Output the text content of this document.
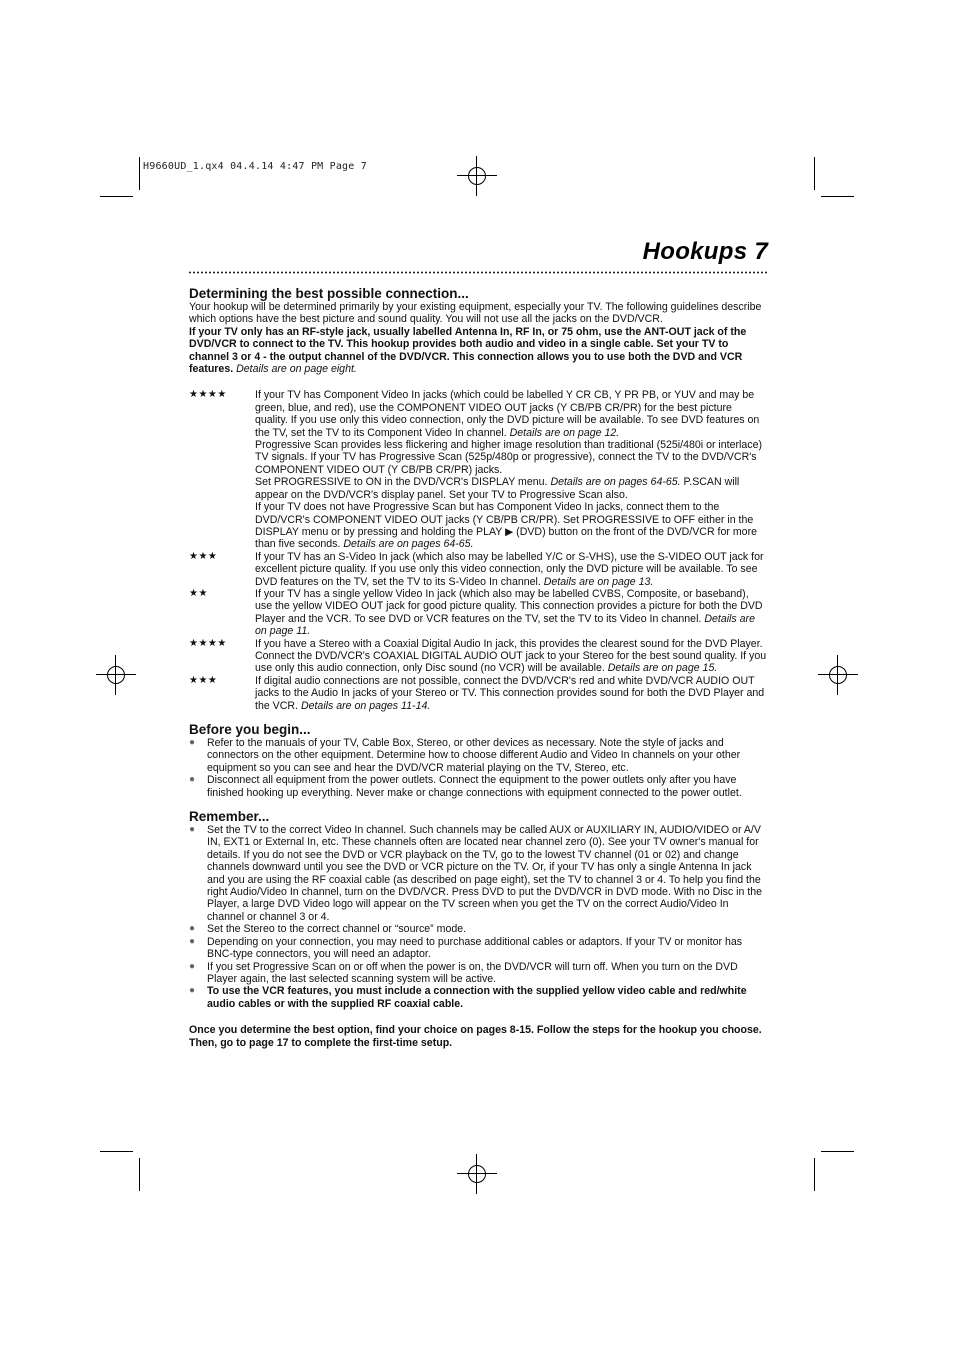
H9660UD_1.qx4 04.4.14 4:47 PM Page 7
Hookups 7
Determining the best possible connection...

Your hookup will be determined primarily by your existing equipment, especially your TV. The following guidelines describe which options have the best picture and sound quality. You will not use all the jacks on the DVD/VCR.

If your TV only has an RF-style jack, usually labelled Antenna In, RF In, or 75 ohm, use the ANT-OUT jack of the DVD/VCR to connect to the TV. This hookup provides both audio and video in a single cable. Set your TV to channel 3 or 4 - the output channel of the DVD/VCR. This connection allows you to use both the DVD and VCR features. Details are on page eight.

★★★★	If your TV has Component Video In jacks (which could be labelled Y CR CB, Y PR PB, or YUV and may be green, blue, and red), use the COMPONENT VIDEO OUT jacks (Y CB/PB CR/PR) for the best picture quality. If you use only this video connection, only the DVD picture will be available. To see DVD features on the TV, set the TV to its Component Video In channel. Details are on page 12.

Progressive Scan provides less flickering and higher image resolution than traditional (525i/480i or interlace) TV signals. If your TV has Progressive Scan (525p/480p or progressive), connect the TV to the DVD/VCR's COMPONENT VIDEO OUT (Y CB/PB CR/PR) jacks.

Set PROGRESSIVE to ON in the DVD/VCR's DISPLAY menu. Details are on pages 64-65. P.SCAN will appear on the DVD/VCR's display panel. Set your TV to Progressive Scan also.

If your TV does not have Progressive Scan but has Component Video In jacks, connect them to the DVD/VCR's COMPONENT VIDEO OUT jacks (Y CB/PB CR/PR). Set PROGRESSIVE to OFF either in the DISPLAY menu or by pressing and holding the PLAY ▶ (DVD) button on the front of the DVD/VCR for more than five seconds. Details are on pages 64-65.

★★★	If your TV has an S-Video In jack (which also may be labelled Y/C or S-VHS), use the S-VIDEO OUT jack for excellent picture quality. If you use only this video connection, only the DVD picture will be available. To see DVD features on the TV, set the TV to its S-Video In channel. Details are on page 13.

★★	If your TV has a single yellow Video In jack (which also may be labelled CVBS, Composite, or baseband), use the yellow VIDEO OUT jack for good picture quality. This connection provides a picture for both the DVD Player and the VCR. To see DVD or VCR features on the TV, set the TV to its Video In channel. Details are on page 11.

★★★★	If you have a Stereo with a Coaxial Digital Audio In jack, this provides the clearest sound for the DVD Player. Connect the DVD/VCR's COAXIAL DIGITAL AUDIO OUT jack to your Stereo for the best sound quality. If you use only this audio connection, only Disc sound (no VCR) will be available. Details are on page 15.

★★★	If digital audio connections are not possible, connect the DVD/VCR's red and white DVD/VCR AUDIO OUT jacks to the Audio In jacks of your Stereo or TV. This connection provides sound for both the DVD Player and the VCR. Details are on pages 11-14.

Before you begin...
●	Refer to the manuals of your TV, Cable Box, Stereo, or other devices as necessary. Note the style of jacks and connectors on the other equipment. Determine how to choose different Audio and Video In channels on your other equipment so you can see and hear the DVD/VCR material playing on the TV, Stereo, etc.

●	Disconnect all equipment from the power outlets. Connect the equipment to the power outlets only after you have finished hooking up everything. Never make or change connections with equipment connected to the power outlet.

Remember...
●	Set the TV to the correct Video In channel. Such channels may be called AUX or AUXILIARY IN, AUDIO/VIDEO or A/V IN, EXT1 or External In, etc. These channels often are located near channel zero (0). See your TV owner's manual for details. If you do not see the DVD or VCR playback on the TV, go to the lowest TV channel (01 or 02) and change channels downward until you see the DVD or VCR picture on the TV. Or, if your TV has only a single Antenna In jack and you are using the RF coaxial cable (as described on page eight), set the TV to channel 3 or 4. To help you find the right Audio/Video In channel, turn on the DVD/VCR. Press DVD to put the DVD/VCR in DVD mode. With no Disc in the Player, a large DVD Video logo will appear on the TV screen when you get the TV on the correct Audio/Video In channel or channel 3 or 4.

●	Set the Stereo to the correct channel or “source” mode.

●	Depending on your connection, you may need to purchase additional cables or adaptors. If your TV or monitor has BNC-type connectors, you will need an adaptor.

●	If you set Progressive Scan on or off when the power is on, the DVD/VCR will turn off. When you turn on the DVD Player again, the last selected scanning system will be active.

●	To use the VCR features, you must include a connection with the supplied yellow video cable and red/white audio cables or with the supplied RF coaxial cable.

Once you determine the best option, find your choice on pages 8-15. Follow the steps for the hookup you choose. Then, go to page 17 to complete the first-time setup.
